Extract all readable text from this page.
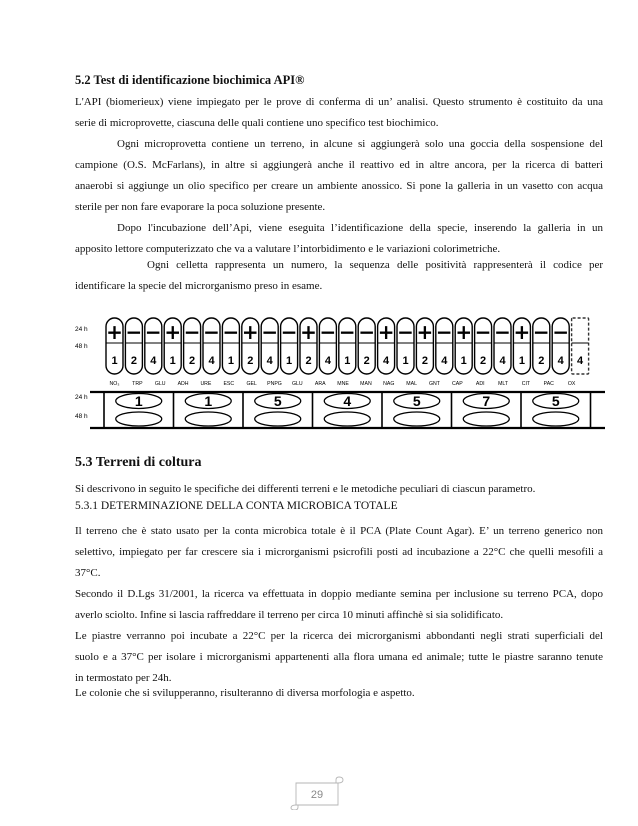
5.2 Test di identificazione biochimica API®
L'API (biomerieux) viene impiegato per le prove di conferma di un’ analisi. Questo strumento è costituito da una
serie di microprovette, ciascuna delle quali contiene uno specifico test biochimico.
Ogni microprovetta contiene un terreno, in alcune si aggiungerà solo una goccia della sospensione del
campione (O.S. McFarlans), in altre si aggiungerà anche il reattivo ed in altre ancora, per la ricerca di batteri
anaerobi si aggiunge un olio specifico per creare un ambiente anossico. Si pone la galleria in un vasetto con acqua
sterile per non fare evaporare la poca soluzione presente.
Dopo l'incubazione dell’Api, viene eseguita l’identificazione della specie, inserendo la galleria in un
apposito lettore computerizzato che va a valutare l’intorbidimento e le variazioni colorimetriche.
Ogni celletta rappresenta un numero, la sequenza delle positività rappresenterà il codice per
identificare la specie del microrganismo preso in esame.
24 h
48 h
24 h
48 h
+
1
−
2
−
4
+
1
−
2
−
4
−
1
+
2
−
4
−
1
+
2
−
4
−
1
−
2
+
4
−
1
+
2
−
4
+
1
−
2
−
4
+
1
−
2
−
4 4
NO₃ TRP GLU ADH URE ESC GEL PNPG GLU ARA MNE MAN NAG MAL GNT CAP	ADI	MLT	CIT	PAC	OX
1	1	5	4	5	7	5
5.3 Terreni di coltura
Si descrivono in seguito le specifiche dei differenti terreni e le metodiche peculiari di ciascun parametro.
5.3.1 DETERMINAZIONE DELLA CONTA MICROBICA TOTALE
Il terreno che è stato usato per la conta microbica totale è il PCA (Plate Count Agar). E’ un terreno generico non
selettivo, impiegato per far crescere sia i microrganismi psicrofili posti ad incubazione a 22°C che quelli mesofili a
37°C.
Secondo il D.Lgs 31/2001, la ricerca va effettuata in doppio mediante semina per inclusione su terreno PCA, dopo
averlo sciolto. Infine si lascia raffreddare il terreno per circa 10 minuti affinchè si sia solidificato.
Le piastre verranno poi incubate a 22°C per la ricerca dei microrganismi abbondanti negli strati superficiali del
suolo e a 37°C per isolare i microrganismi appartenenti alla flora umana ed animale; tutte le piastre saranno tenute
in termostato per 24h.
Le colonie che si svilupperanno, risulteranno di diversa morfologia e aspetto.
29
